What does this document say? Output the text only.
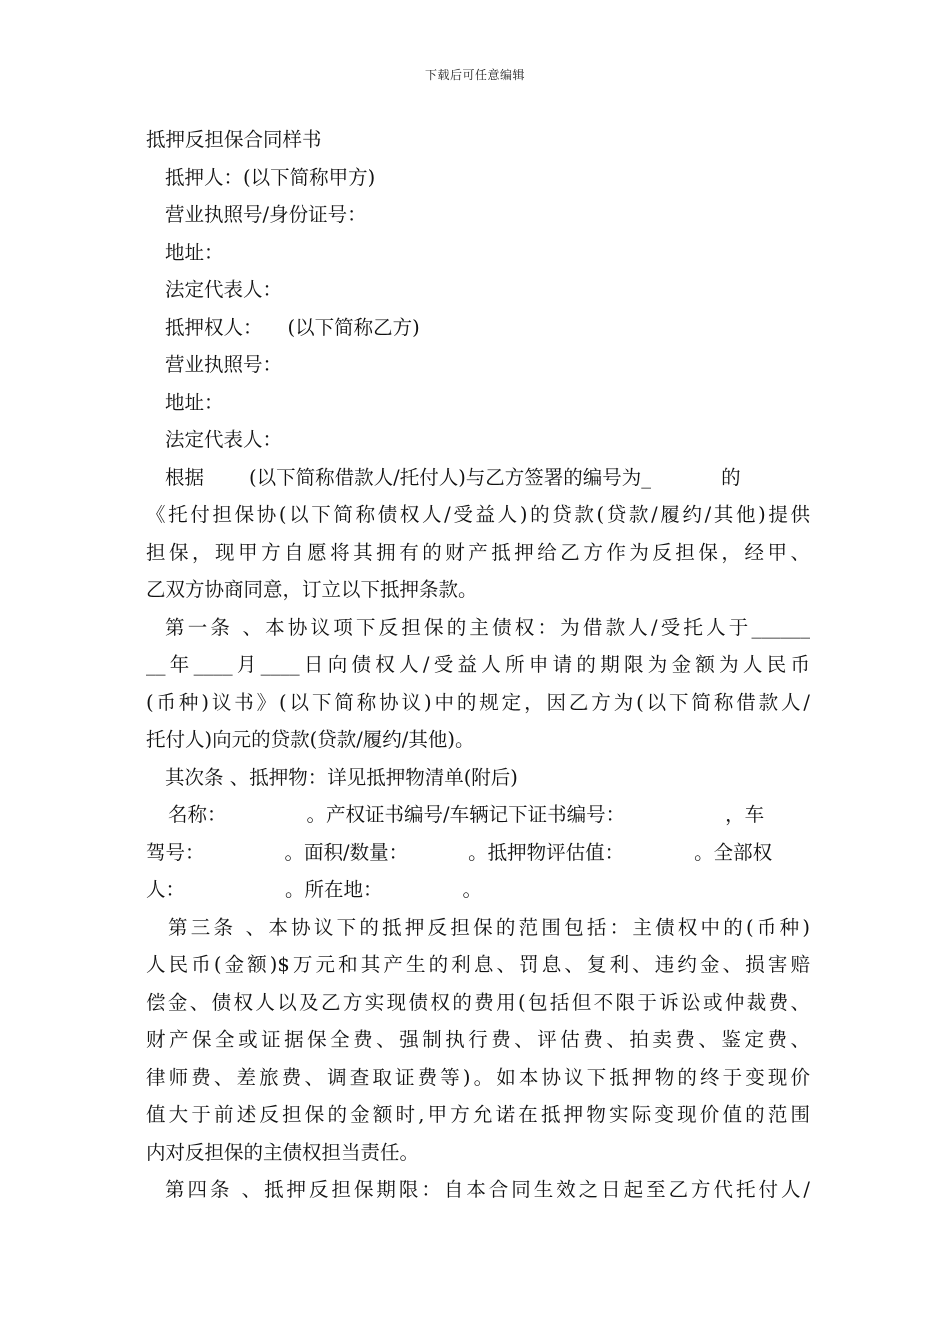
下载后可任意编辑
抵押反担保合同样书
抵押人：(以下简称甲方)
营业执照号/身份证号：
地址：
法定代表人：
抵押权人： (以下简称乙方)
营业执照号：
地址：
法定代表人：
根据 (以下简称借款人/托付人)与乙方签署的编号为_	的
《托付担保协(以下简称债权人/受益人)的贷款(贷款/履约/其他)提供
担保，现甲方自愿将其拥有的财产抵押给乙方作为反担保，经甲、
乙双方协商同意，订立以下抵押条款。
第一条 、本协议项下反担保的主债权：为借款人/受托人于______
__年____月____日向债权人/受益人所申请的期限为金额为人民币
(币种)议书》(以下简称协议)中的规定，因乙方为(以下简称借款人/
托付人)向元的贷款(贷款/履约/其他)。
其次条 、抵押物：详见抵押物清单(附后)
名称：	。产权证书编号/车辆记下证书编号：	，车
驾号：	。面积/数量：	。抵押物评估值：	。全部权
人：	。所在地：	。
第三条 、本协议下的抵押反担保的范围包括：主债权中的(币种)
人民币(金额)$万元和其产生的利息、罚息、复利、违约金、损害赔
偿金、债权人以及乙方实现债权的费用(包括但不限于诉讼或仲裁费、
财产保全或证据保全费、强制执行费、评估费、拍卖费、鉴定费、
律师费、差旅费、调查取证费等)。如本协议下抵押物的终于变现价
值大于前述反担保的金额时,甲方允诺在抵押物实际变现价值的范围
内对反担保的主债权担当责任。
第四条 、抵押反担保期限：自本合同生效之日起至乙方代托付人/
